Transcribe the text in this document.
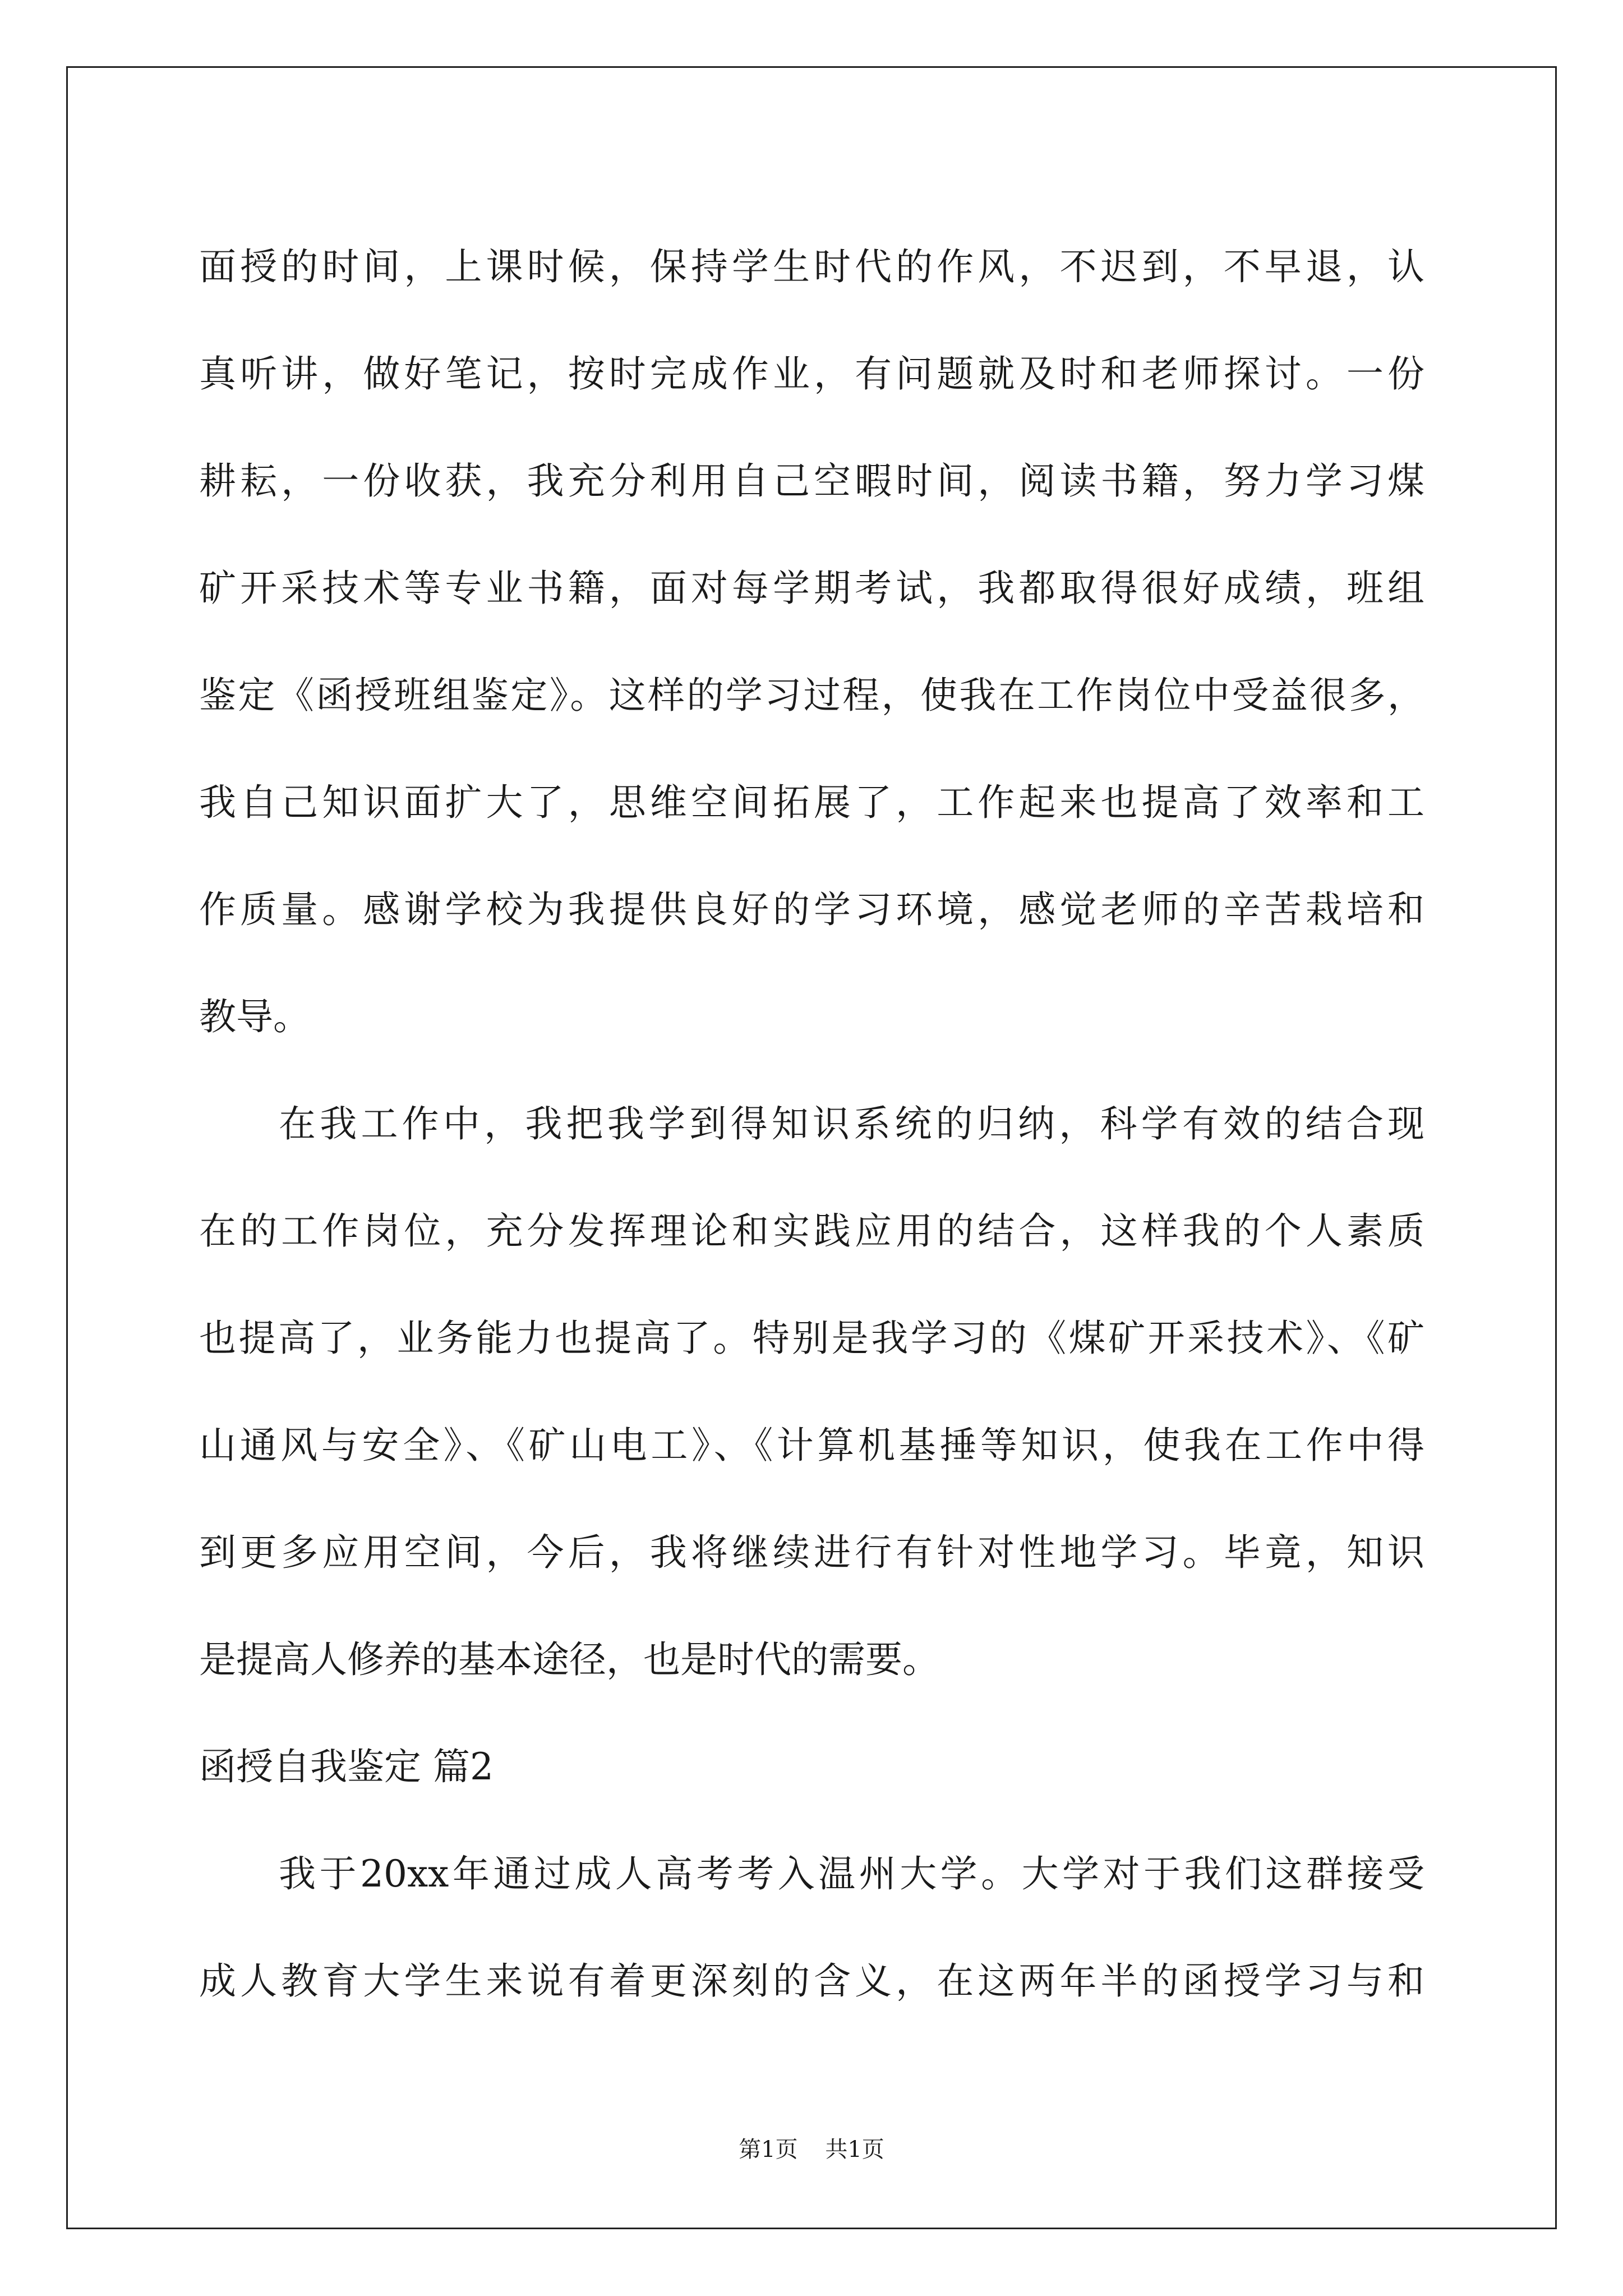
面授的时间，上课时候，保持学生时代的作风，不迟到，不早退，认
真听讲，做好笔记，按时完成作业，有问题就及时和老师探讨。一份
耕耘，一份收获，我充分利用自己空暇时间，阅读书籍，努力学习煤
矿开采技术等专业书籍，面对每学期考试，我都取得很好成绩，班组
鉴定《函授班组鉴定》。这样的学习过程，使我在工作岗位中受益很多，
我自己知识面扩大了，思维空间拓展了，工作起来也提高了效率和工
作质量。感谢学校为我提供良好的学习环境，感觉老师的辛苦栽培和
教导。
在我工作中，我把我学到得知识系统的归纳，科学有效的结合现
在的工作岗位，充分发挥理论和实践应用的结合，这样我的个人素质
也提高了，业务能力也提高了。特别是我学习的《煤矿开采技术》、《矿
山通风与安全》、《矿山电工》、《计算机基捶等知识，使我在工作中得
到更多应用空间，今后，我将继续进行有针对性地学习。毕竟，知识
是提高人修养的基本途径，也是时代的需要。
函授自我鉴定 篇2
我于20xx年通过成人高考考入温州大学。大学对于我们这群接受
成人教育大学生来说有着更深刻的含义，在这两年半的函授学习与和
第1页 共1页
